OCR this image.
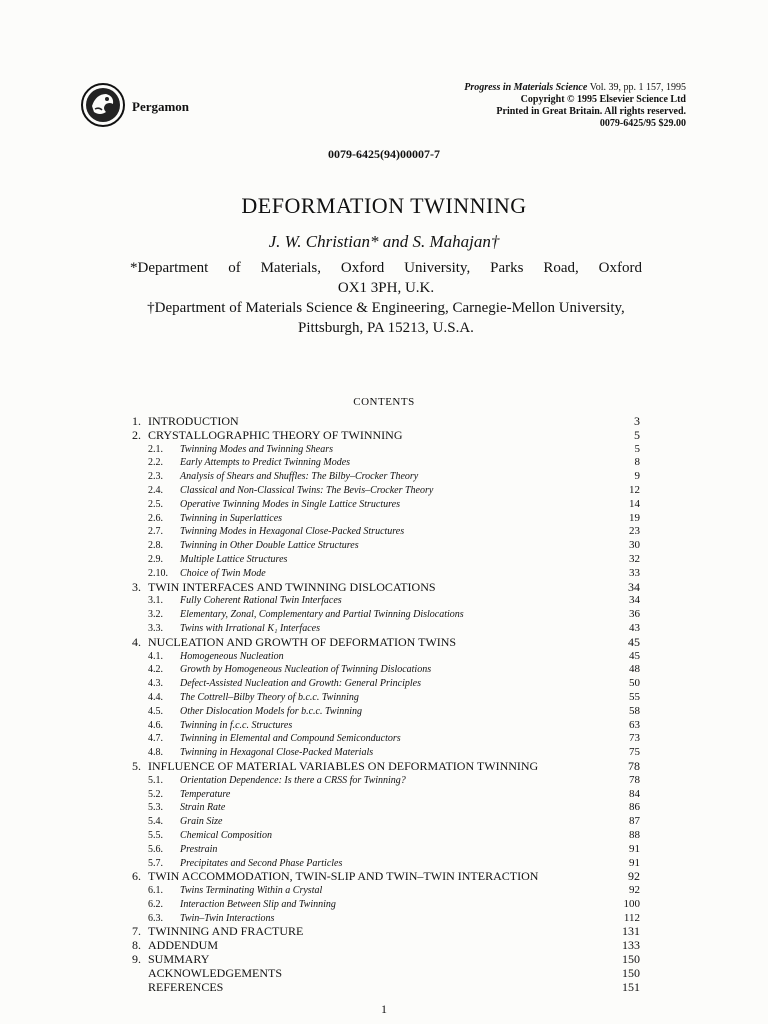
Pergamon
Progress in Materials Science Vol. 39, pp. 1 157, 1995
Copyright © 1995 Elsevier Science Ltd
Printed in Great Britain. All rights reserved.
0079-6425/95 $29.00
0079-6425(94)00007-7
DEFORMATION TWINNING
J. W. Christian* and S. Mahajan†
*Department of Materials, Oxford University, Parks Road, Oxford
OX1 3PH, U.K.
†Department of Materials Science & Engineering, Carnegie-Mellon University,
Pittsburgh, PA 15213, U.S.A.
CONTENTS
1. INTRODUCTION	3
2. CRYSTALLOGRAPHIC THEORY OF TWINNING	5
2.1. Twinning Modes and Twinning Shears	5
2.2. Early Attempts to Predict Twinning Modes	8
2.3. Analysis of Shears and Shuffles: The Bilby–Crocker Theory	9
2.4. Classical and Non-Classical Twins: The Bevis–Crocker Theory	12
2.5. Operative Twinning Modes in Single Lattice Structures	14
2.6. Twinning in Superlattices	19
2.7. Twinning Modes in Hexagonal Close-Packed Structures	23
2.8. Twinning in Other Double Lattice Structures	30
2.9. Multiple Lattice Structures	32
2.10. Choice of Twin Mode	33
3. TWIN INTERFACES AND TWINNING DISLOCATIONS	34
3.1. Fully Coherent Rational Twin Interfaces	34
3.2. Elementary, Zonal, Complementary and Partial Twinning Dislocations	36
3.3. Twins with Irrational K₁ Interfaces	43
4. NUCLEATION AND GROWTH OF DEFORMATION TWINS	45
4.1. Homogeneous Nucleation	45
4.2. Growth by Homogeneous Nucleation of Twinning Dislocations	48
4.3. Defect-Assisted Nucleation and Growth: General Principles	50
4.4. The Cottrell–Bilby Theory of b.c.c. Twinning	55
4.5. Other Dislocation Models for b.c.c. Twinning	58
4.6. Twinning in f.c.c. Structures	63
4.7. Twinning in Elemental and Compound Semiconductors	73
4.8. Twinning in Hexagonal Close-Packed Materials	75
5. INFLUENCE OF MATERIAL VARIABLES ON DEFORMATION TWINNING	78
5.1. Orientation Dependence: Is there a CRSS for Twinning?	78
5.2. Temperature	84
5.3. Strain Rate	86
5.4. Grain Size	87
5.5. Chemical Composition	88
5.6. Prestrain	91
5.7. Precipitates and Second Phase Particles	91
6. TWIN ACCOMMODATION, TWIN-SLIP AND TWIN–TWIN INTERACTION	92
6.1. Twins Terminating Within a Crystal	92
6.2. Interaction Between Slip and Twinning	100
6.3. Twin–Twin Interactions	112
7. TWINNING AND FRACTURE	131
8. ADDENDUM	133
9. SUMMARY	150
ACKNOWLEDGEMENTS	150
REFERENCES	151
1
